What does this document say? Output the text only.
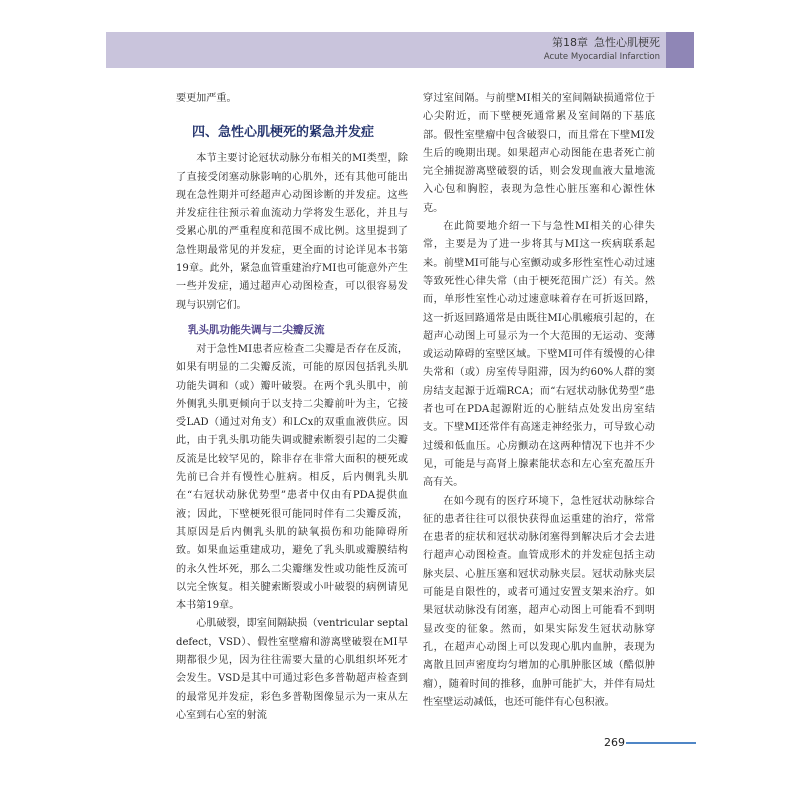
第18章 急性心肌梗死
Acute Myocardial Infarction

要更加严重。

四、急性心肌梗死的紧急并发症

本节主要讨论冠状动脉分布相关的MI类型，除了直接受闭塞动脉影响的心肌外，还有其他可能出现在急性期并可经超声心动图诊断的并发症。这些并发症往往预示着血流动力学将发生恶化，并且与受累心肌的严重程度和范围不成比例。这里提到了急性期最常见的并发症，更全面的讨论详见本书第19章。此外，紧急血管重建治疗MI也可能意外产生一些并发症，通过超声心动图检查，可以很容易发现与识别它们。

乳头肌功能失调与二尖瓣反流

对于急性MI患者应检查二尖瓣是否存在反流，如果有明显的二尖瓣反流，可能的原因包括乳头肌功能失调和（或）瓣叶破裂。在两个乳头肌中，前外侧乳头肌更倾向于以支持二尖瓣前叶为主，它接受LAD（通过对角支）和LCx的双重血液供应。因此，由于乳头肌功能失调或腱索断裂引起的二尖瓣反流是比较罕见的，除非存在非常大面积的梗死或先前已合并有慢性心脏病。相反，后内侧乳头肌在“右冠状动脉优势型”患者中仅由有PDA提供血液；因此，下壁梗死很可能同时伴有二尖瓣反流，其原因是后内侧乳头肌的缺氧损伤和功能障碍所致。如果血运重建成功，避免了乳头肌或瓣膜结构的永久性坏死，那么二尖瓣继发性或功能性反流可以完全恢复。相关腱索断裂或小叶破裂的病例请见本书第19章。

心肌破裂，即室间隔缺损（ventricular septal defect，VSD）、假性室壁瘤和游离壁破裂在MI早期都很少见，因为往往需要大量的心肌组织坏死才会发生。VSD是其中可通过彩色多普勒超声检查到的最常见并发症，彩色多普勒图像显示为一束从左心室到右心室的射流

穿过室间隔。与前壁MI相关的室间隔缺损通常位于心尖附近，而下壁梗死通常累及室间隔的下基底部。假性室壁瘤中包含破裂口，而且常在下壁MI发生后的晚期出现。如果超声心动图能在患者死亡前完全捕捉游离壁破裂的话，则会发现血液大量地流入心包和胸腔，表现为急性心脏压塞和心源性休克。

在此简要地介绍一下与急性MI相关的心律失常，主要是为了进一步将其与MI这一疾病联系起来。前壁MI可能与心室颤动或多形性室性心动过速等致死性心律失常（由于梗死范围广泛）有关。然而，单形性室性心动过速意味着存在可折返回路，这一折返回路通常是由既往MI心肌瘢痕引起的，在超声心动图上可显示为一个大范围的无运动、变薄或运动障碍的室壁区域。下壁MI可伴有缓慢的心律失常和（或）房室传导阻滞，因为约60%人群的窦房结支起源于近端RCA；而“右冠状动脉优势型”患者也可在PDA起源附近的心脏结点处发出房室结支。下壁MI还常伴有高迷走神经张力，可导致心动过缓和低血压。心房颤动在这两种情况下也并不少见，可能是与高肾上腺素能状态和左心室充盈压升高有关。

在如今现有的医疗环境下，急性冠状动脉综合征的患者往往可以很快获得血运重建的治疗，常常在患者的症状和冠状动脉闭塞得到解决后才会去进行超声心动图检查。血管成形术的并发症包括主动脉夹层、心脏压塞和冠状动脉夹层。冠状动脉夹层可能是自限性的，或者可通过安置支架来治疗。如果冠状动脉没有闭塞，超声心动图上可能看不到明显改变的征象。然而，如果实际发生冠状动脉穿孔，在超声心动图上可以发现心肌内血肿，表现为离散且回声密度均匀增加的心肌肿胀区域（酷似肿瘤），随着时间的推移，血肿可能扩大，并伴有局灶性室壁运动减低，也还可能伴有心包积液。

269
